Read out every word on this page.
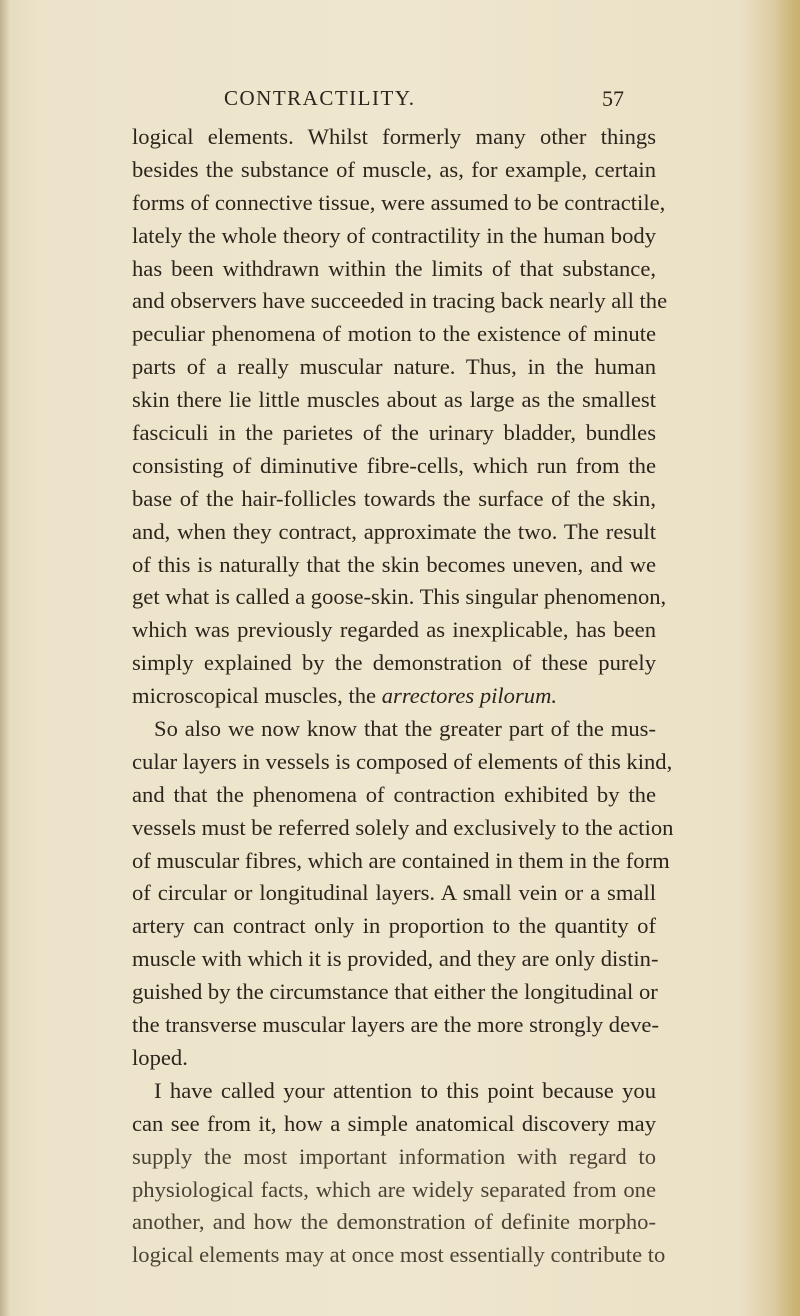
CONTRACTILITY.	57
logical elements. Whilst formerly many other things
besides the substance of muscle, as, for example, certain
forms of connective tissue, were assumed to be contractile,
lately the whole theory of contractility in the human body
has been withdrawn within the limits of that substance,
and observers have succeeded in tracing back nearly all the
peculiar phenomena of motion to the existence of minute
parts of a really muscular nature. Thus, in the human
skin there lie little muscles about as large as the smallest
fasciculi in the parietes of the urinary bladder, bundles
consisting of diminutive fibre-cells, which run from the
base of the hair-follicles towards the surface of the skin,
and, when they contract, approximate the two. The result
of this is naturally that the skin becomes uneven, and we
get what is called a goose-skin. This singular phenomenon,
which was previously regarded as inexplicable, has been
simply explained by the demonstration of these purely
microscopical muscles, the arrectores pilorum.
So also we now know that the greater part of the mus-
cular layers in vessels is composed of elements of this kind,
and that the phenomena of contraction exhibited by the
vessels must be referred solely and exclusively to the action
of muscular fibres, which are contained in them in the form
of circular or longitudinal layers. A small vein or a small
artery can contract only in proportion to the quantity of
muscle with which it is provided, and they are only distin-
guished by the circumstance that either the longitudinal or
the transverse muscular layers are the more strongly deve-
loped.
I have called your attention to this point because you
can see from it, how a simple anatomical discovery may
supply the most important information with regard to
physiological facts, which are widely separated from one
another, and how the demonstration of definite morpho-
logical elements may at once most essentially contribute to
